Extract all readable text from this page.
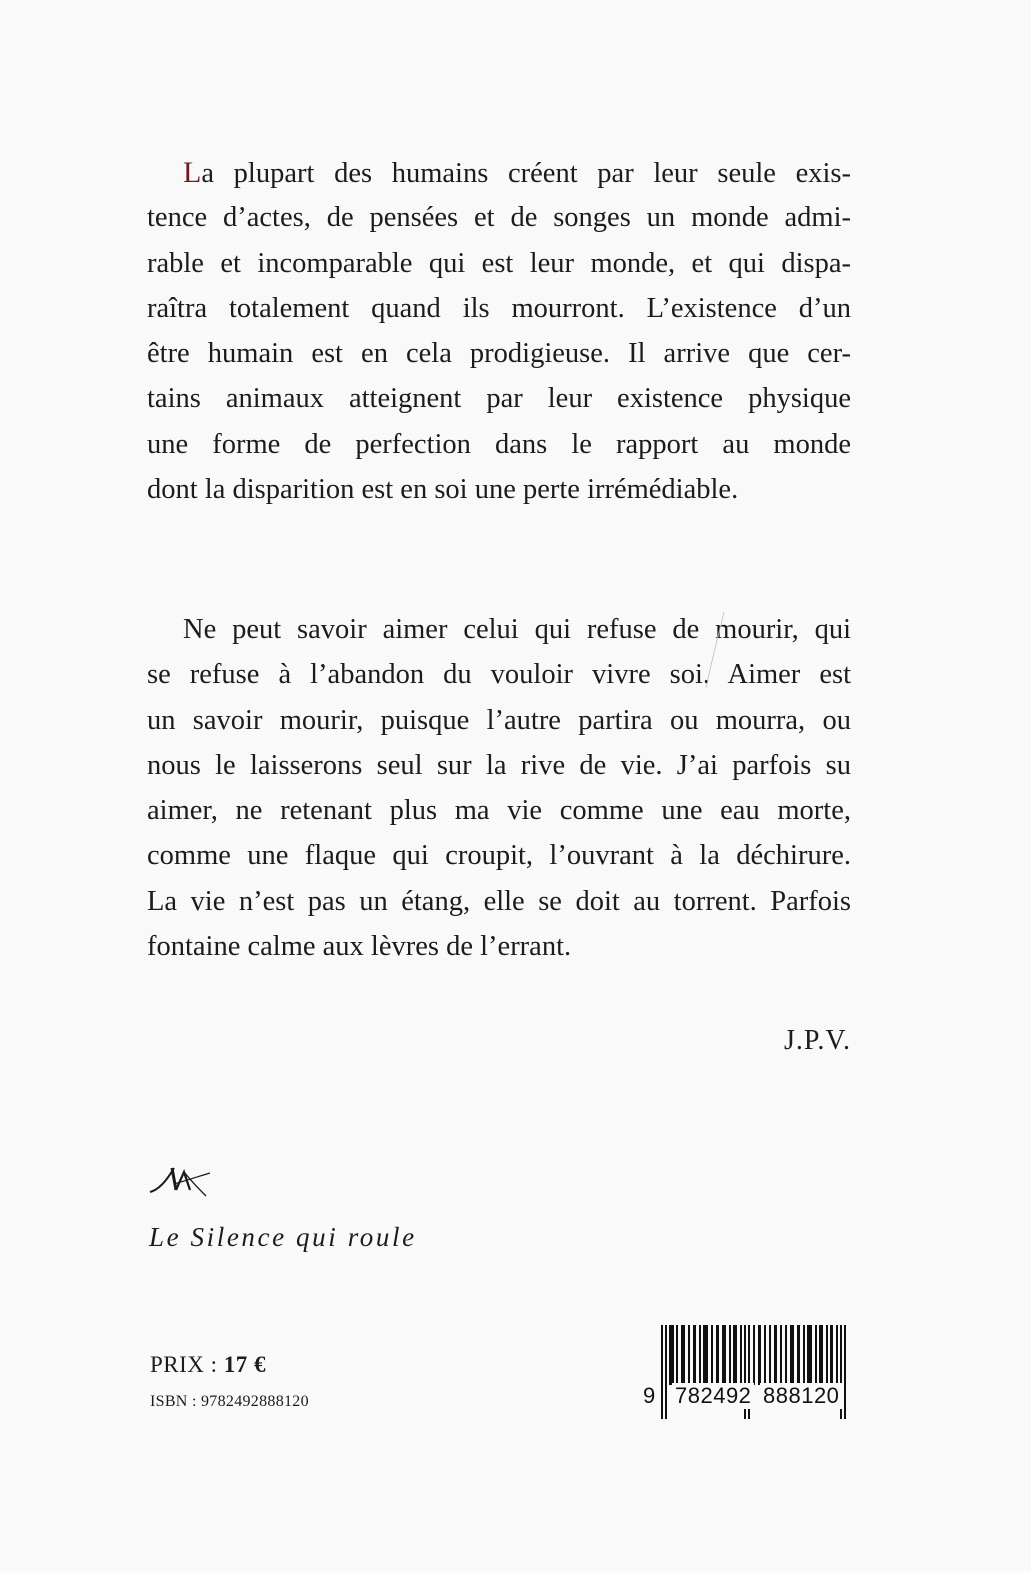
La plupart des humains créent par leur seule exis-
tence d’actes, de pensées et de songes un monde admi-
rable et incomparable qui est leur monde, et qui dispa-
raîtra totalement quand ils mourront. L’existence d’un
être humain est en cela prodigieuse. Il arrive que cer-
tains animaux atteignent par leur existence physique
une forme de perfection dans le rapport au monde
dont la disparition est en soi une perte irrémédiable.
Ne peut savoir aimer celui qui refuse de mourir, qui
se refuse à l’abandon du vouloir vivre soi. Aimer est
un savoir mourir, puisque l’autre partira ou mourra, ou
nous le laisserons seul sur la rive de vie. J’ai parfois su
aimer, ne retenant plus ma vie comme une eau morte,
comme une flaque qui croupit, l’ouvrant à la déchirure.
La vie n’est pas un étang, elle se doit au torrent. Parfois
fontaine calme aux lèvres de l’errant.
J.P.V.
Le Silence qui roule
PRIX : 17 €
ISBN : 9782492888120	9 782492 888120
